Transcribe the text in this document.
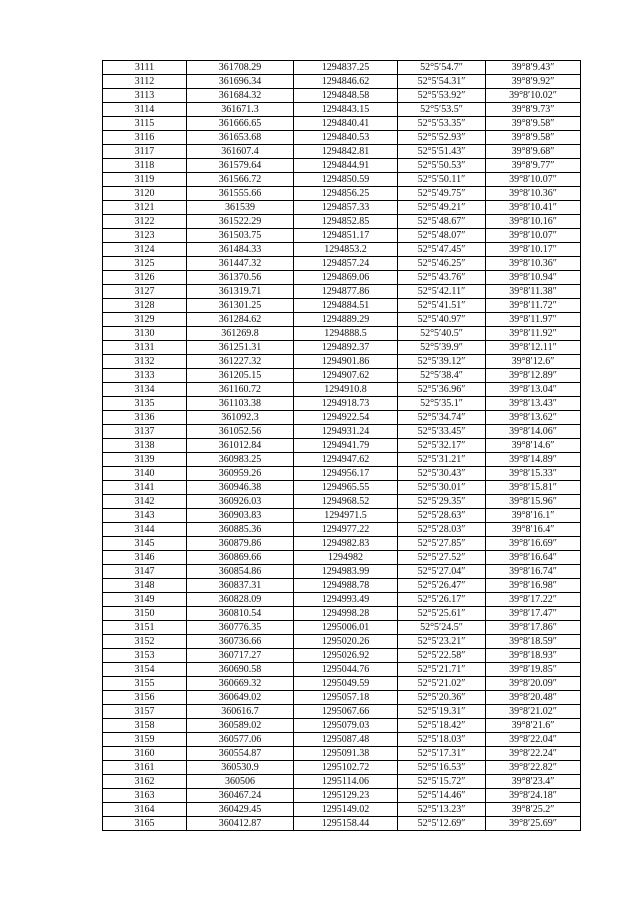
3111	361708.29	1294837.25	52°5′54.7″	39°8′9.43″
3112	361696.34	1294846.62	52°5′54.31″	39°8′9.92″
3113	361684.32	1294848.58	52°5′53.92″	39°8′10.02″
3114	361671.3	1294843.15	52°5′53.5″	39°8′9.73″
3115	361666.65	1294840.41	52°5′53.35″	39°8′9.58″
3116	361653.68	1294840.53	52°5′52.93″	39°8′9.58″
3117	361607.4	1294842.81	52°5′51.43″	39°8′9.68″
3118	361579.64	1294844.91	52°5′50.53″	39°8′9.77″
3119	361566.72	1294850.59	52°5′50.11″	39°8′10.07″
3120	361555.66	1294856.25	52°5′49.75″	39°8′10.36″
3121	361539	1294857.33	52°5′49.21″	39°8′10.41″
3122	361522.29	1294852.85	52°5′48.67″	39°8′10.16″
3123	361503.75	1294851.17	52°5′48.07″	39°8′10.07″
3124	361484.33	1294853.2	52°5′47.45″	39°8′10.17″
3125	361447.32	1294857.24	52°5′46.25″	39°8′10.36″
3126	361370.56	1294869.06	52°5′43.76″	39°8′10.94″
3127	361319.71	1294877.86	52°5′42.11″	39°8′11.38″
3128	361301.25	1294884.51	52°5′41.51″	39°8′11.72″
3129	361284.62	1294889.29	52°5′40.97″	39°8′11.97″
3130	361269.8	1294888.5	52°5′40.5″	39°8′11.92″
3131	361251.31	1294892.37	52°5′39.9″	39°8′12.11″
3132	361227.32	1294901.86	52°5′39.12″	39°8′12.6″
3133	361205.15	1294907.62	52°5′38.4″	39°8′12.89″
3134	361160.72	1294910.8	52°5′36.96″	39°8′13.04″
3135	361103.38	1294918.73	52°5′35.1″	39°8′13.43″
3136	361092.3	1294922.54	52°5′34.74″	39°8′13.62″
3137	361052.56	1294931.24	52°5′33.45″	39°8′14.06″
3138	361012.84	1294941.79	52°5′32.17″	39°8′14.6″
3139	360983.25	1294947.62	52°5′31.21″	39°8′14.89″
3140	360959.26	1294956.17	52°5′30.43″	39°8′15.33″
3141	360946.38	1294965.55	52°5′30.01″	39°8′15.81″
3142	360926.03	1294968.52	52°5′29.35″	39°8′15.96″
3143	360903.83	1294971.5	52°5′28.63″	39°8′16.1″
3144	360885.36	1294977.22	52°5′28.03″	39°8′16.4″
3145	360879.86	1294982.83	52°5′27.85″	39°8′16.69″
3146	360869.66	1294982	52°5′27.52″	39°8′16.64″
3147	360854.86	1294983.99	52°5′27.04″	39°8′16.74″
3148	360837.31	1294988.78	52°5′26.47″	39°8′16.98″
3149	360828.09	1294993.49	52°5′26.17″	39°8′17.22″
3150	360810.54	1294998.28	52°5′25.61″	39°8′17.47″
3151	360776.35	1295006.01	52°5′24.5″	39°8′17.86″
3152	360736.66	1295020.26	52°5′23.21″	39°8′18.59″
3153	360717.27	1295026.92	52°5′22.58″	39°8′18.93″
3154	360690.58	1295044.76	52°5′21.71″	39°8′19.85″
3155	360669.32	1295049.59	52°5′21.02″	39°8′20.09″
3156	360649.02	1295057.18	52°5′20.36″	39°8′20.48″
3157	360616.7	1295067.66	52°5′19.31″	39°8′21.02″
3158	360589.02	1295079.03	52°5′18.42″	39°8′21.6″
3159	360577.06	1295087.48	52°5′18.03″	39°8′22.04″
3160	360554.87	1295091.38	52°5′17.31″	39°8′22.24″
3161	360530.9	1295102.72	52°5′16.53″	39°8′22.82″
3162	360506	1295114.06	52°5′15.72″	39°8′23.4″
3163	360467.24	1295129.23	52°5′14.46″	39°8′24.18″
3164	360429.45	1295149.02	52°5′13.23″	39°8′25.2″
3165	360412.87	1295158.44	52°5′12.69″	39°8′25.69″
